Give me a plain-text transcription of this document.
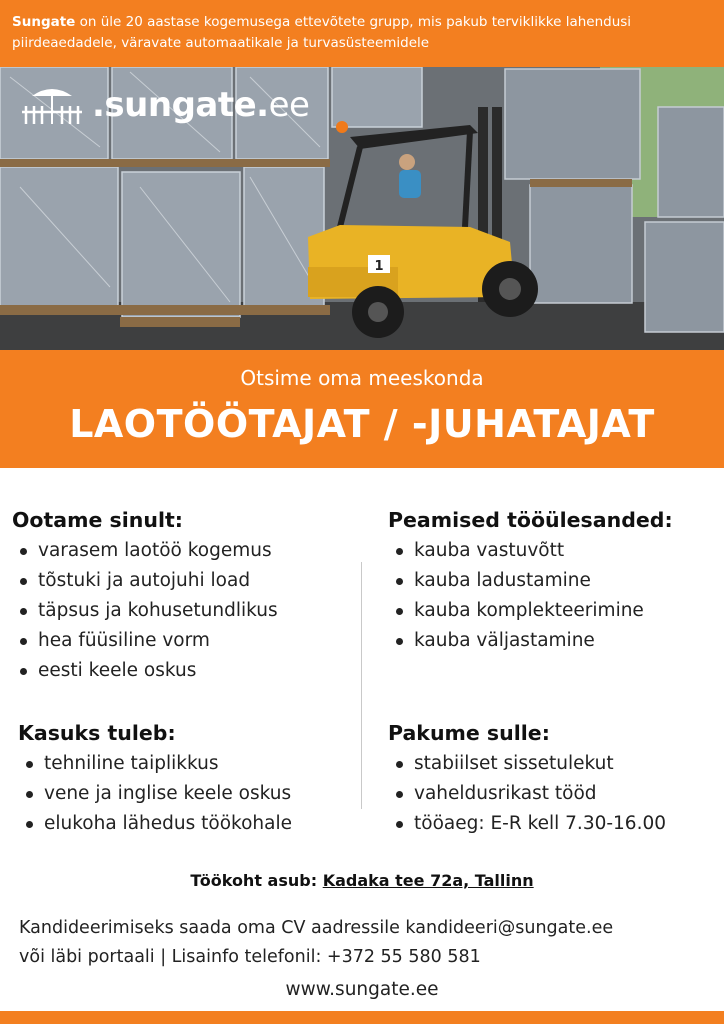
Sungate on üle 20 aastase kogemusega ettevõtete grupp, mis pakub terviklikke lahendusi piirdeaedadele, väravate automaatikale ja turvasüsteemidele
1
.sungate.ee
Otsime oma meeskonda
LAOTÖÖTAJAT / -JUHATAJAT
Ootame sinult:
varasem laotöö kogemus
tõstuki ja autojuhi load
täpsus ja kohusetundlikus
hea füüsiline vorm
eesti keele oskus
Peamised tööülesanded:
kauba vastuvõtt
kauba ladustamine
kauba komplekteerimine
kauba väljastamine
Kasuks tuleb:
tehniline taiplikkus
vene ja inglise keele oskus
elukoha lähedus töökohale
Pakume sulle:
stabiilset sissetulekut
vaheldusrikast tööd
tööaeg: E-R kell 7.30-16.00
Töökoht asub: Kadaka tee 72a, Tallinn
Kandideerimiseks saada oma CV aadressile kandideeri@sungate.ee
või läbi portaali | Lisainfo telefonil: +372 55 580 581
www.sungate.ee
